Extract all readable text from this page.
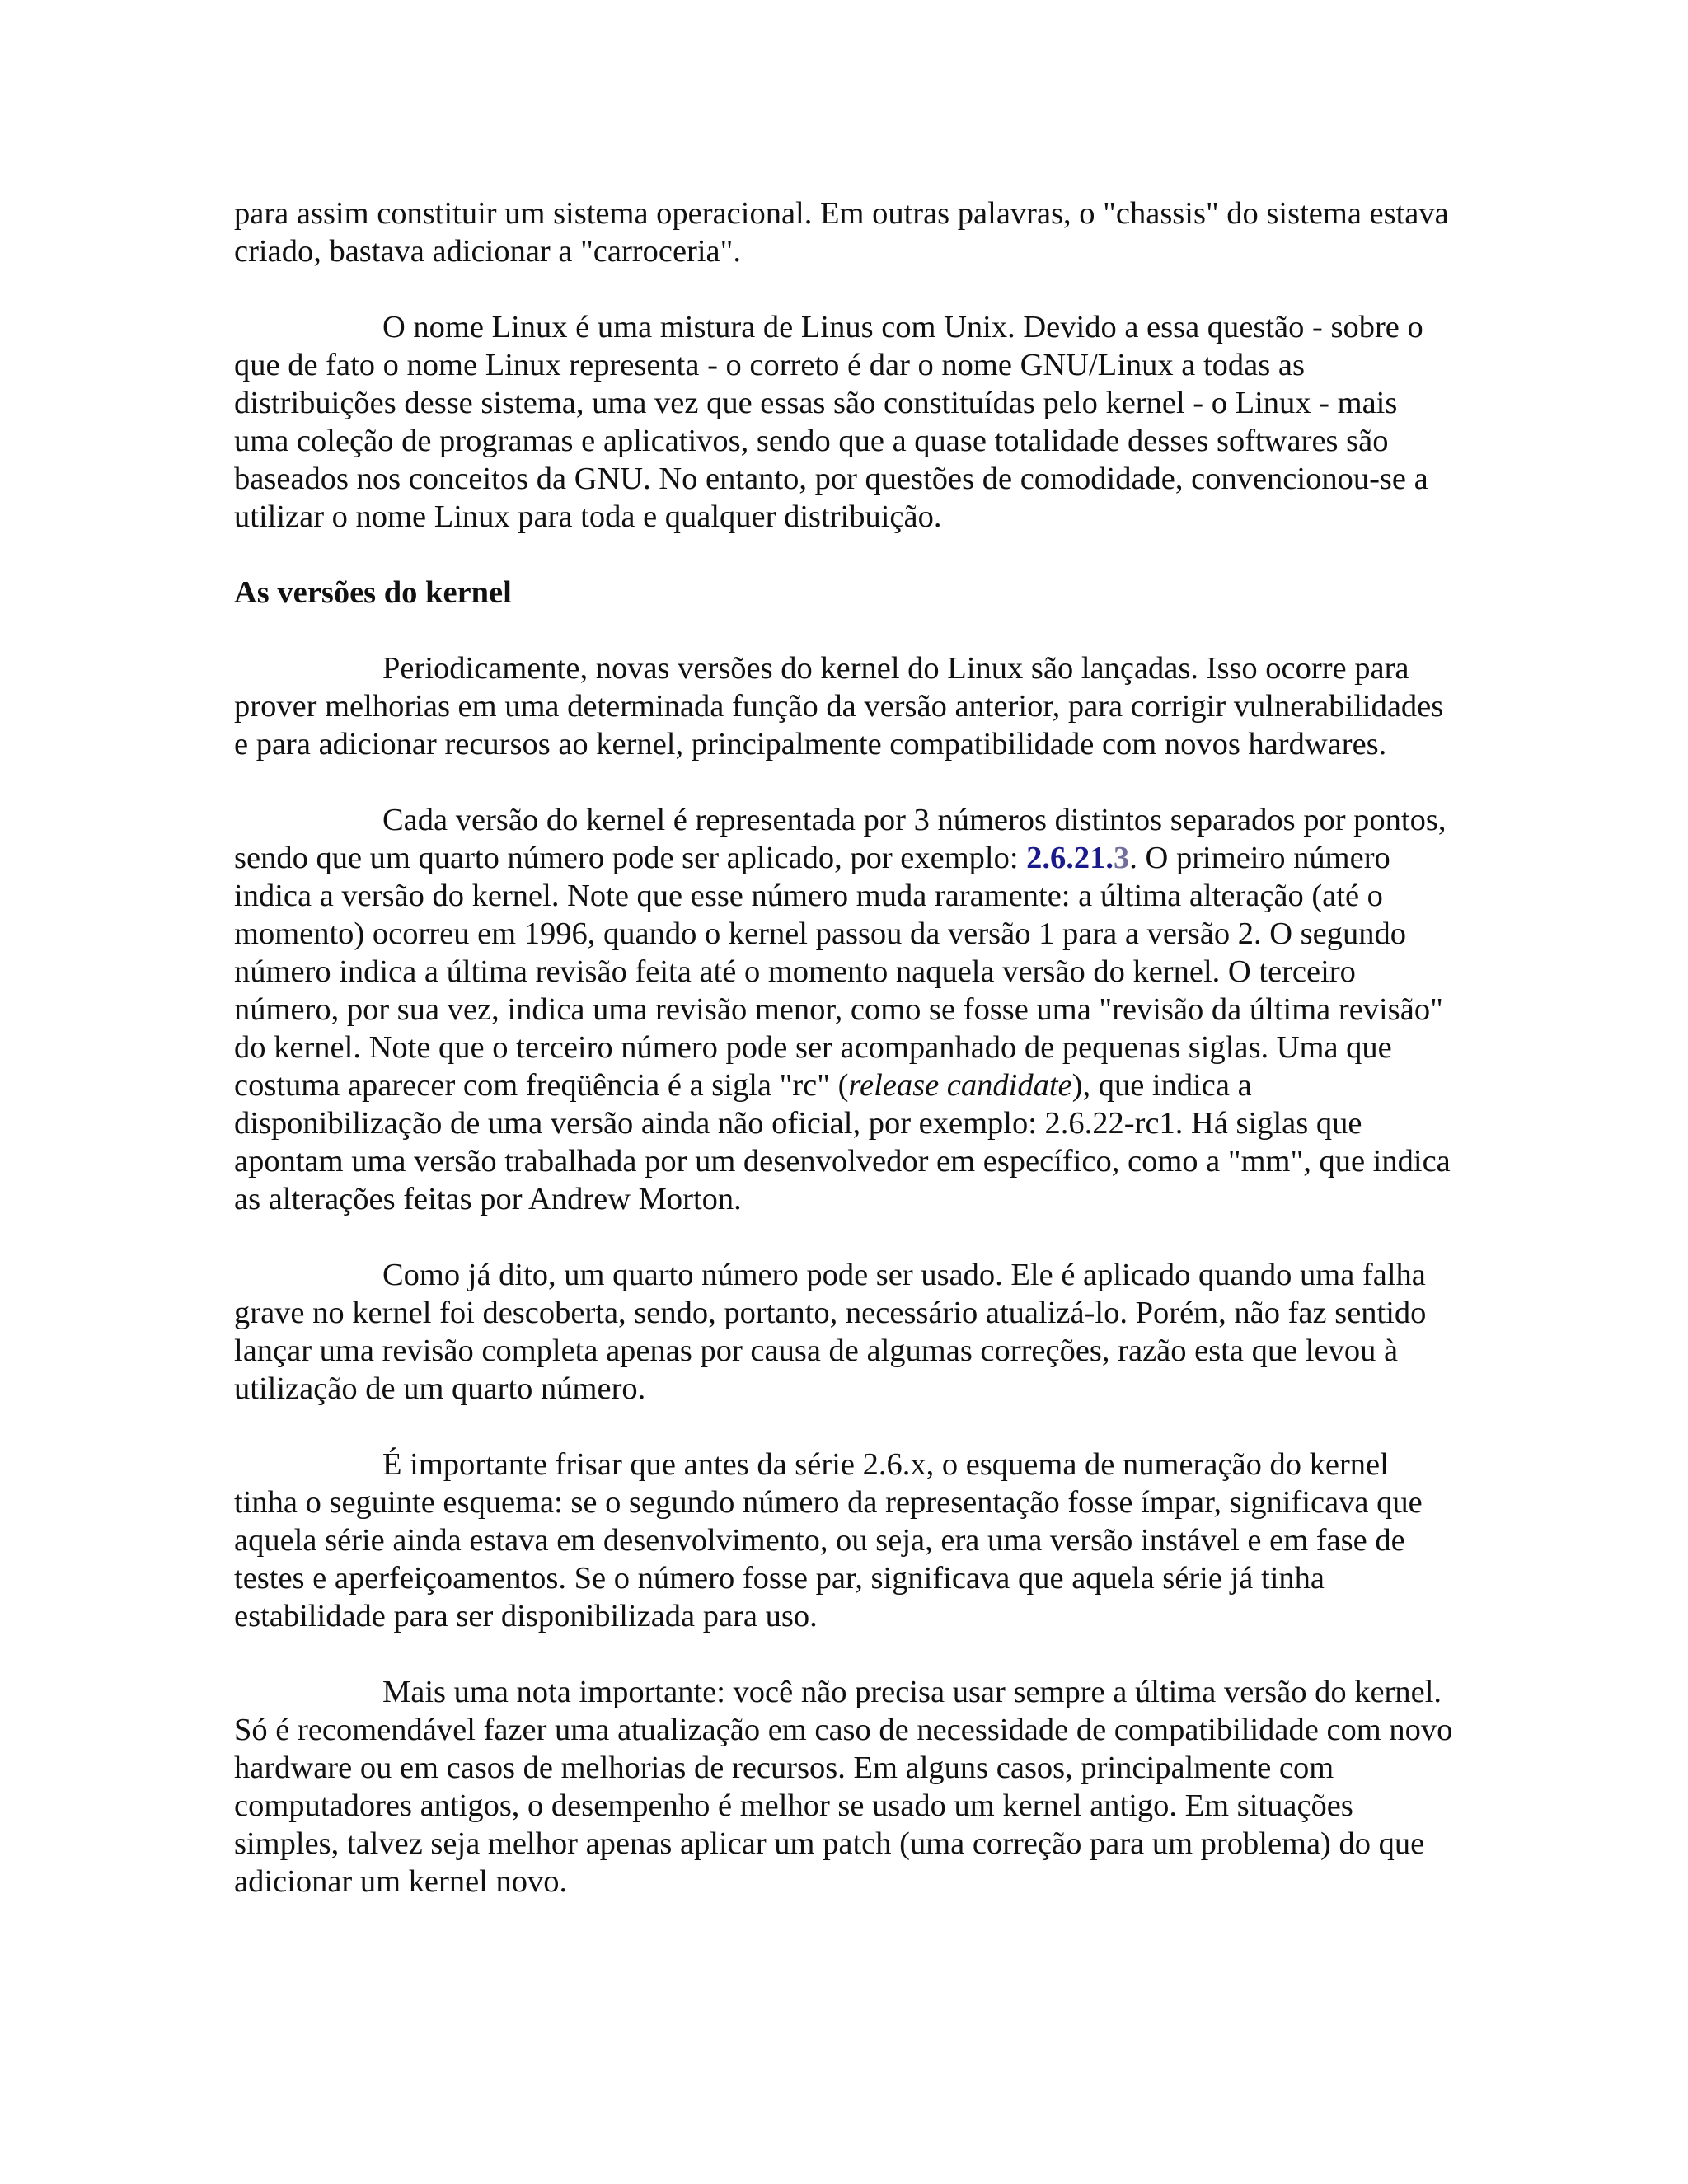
para assim constituir um sistema operacional. Em outras palavras, o "chassis" do sistema estava criado, bastava adicionar a "carroceria".

O nome Linux é uma mistura de Linus com Unix. Devido a essa questão - sobre o que de fato o nome Linux representa - o correto é dar o nome GNU/Linux a todas as distribuições desse sistema, uma vez que essas são constituídas pelo kernel - o Linux - mais uma coleção de programas e aplicativos, sendo que a quase totalidade desses softwares são baseados nos conceitos da GNU. No entanto, por questões de comodidade, convencionou-se a utilizar o nome Linux para toda e qualquer distribuição.

As versões do kernel

Periodicamente, novas versões do kernel do Linux são lançadas. Isso ocorre para prover melhorias em uma determinada função da versão anterior, para corrigir vulnerabilidades e para adicionar recursos ao kernel, principalmente compatibilidade com novos hardwares.

Cada versão do kernel é representada por 3 números distintos separados por pontos, sendo que um quarto número pode ser aplicado, por exemplo: 2.6.21.3. O primeiro número indica a versão do kernel. Note que esse número muda raramente: a última alteração (até o momento) ocorreu em 1996, quando o kernel passou da versão 1 para a versão 2. O segundo número indica a última revisão feita até o momento naquela versão do kernel. O terceiro número, por sua vez, indica uma revisão menor, como se fosse uma "revisão da última revisão" do kernel. Note que o terceiro número pode ser acompanhado de pequenas siglas. Uma que costuma aparecer com freqüência é a sigla "rc" (release candidate), que indica a disponibilização de uma versão ainda não oficial, por exemplo: 2.6.22-rc1. Há siglas que apontam uma versão trabalhada por um desenvolvedor em específico, como a "mm", que indica as alterações feitas por Andrew Morton.

Como já dito, um quarto número pode ser usado. Ele é aplicado quando uma falha grave no kernel foi descoberta, sendo, portanto, necessário atualizá-lo. Porém, não faz sentido lançar uma revisão completa apenas por causa de algumas correções, razão esta que levou à utilização de um quarto número.

É importante frisar que antes da série 2.6.x, o esquema de numeração do kernel tinha o seguinte esquema: se o segundo número da representação fosse ímpar, significava que aquela série ainda estava em desenvolvimento, ou seja, era uma versão instável e em fase de testes e aperfeiçoamentos. Se o número fosse par, significava que aquela série já tinha estabilidade para ser disponibilizada para uso.

Mais uma nota importante: você não precisa usar sempre a última versão do kernel. Só é recomendável fazer uma atualização em caso de necessidade de compatibilidade com novo hardware ou em casos de melhorias de recursos. Em alguns casos, principalmente com computadores antigos, o desempenho é melhor se usado um kernel antigo. Em situações simples, talvez seja melhor apenas aplicar um patch (uma correção para um problema) do que adicionar um kernel novo.
